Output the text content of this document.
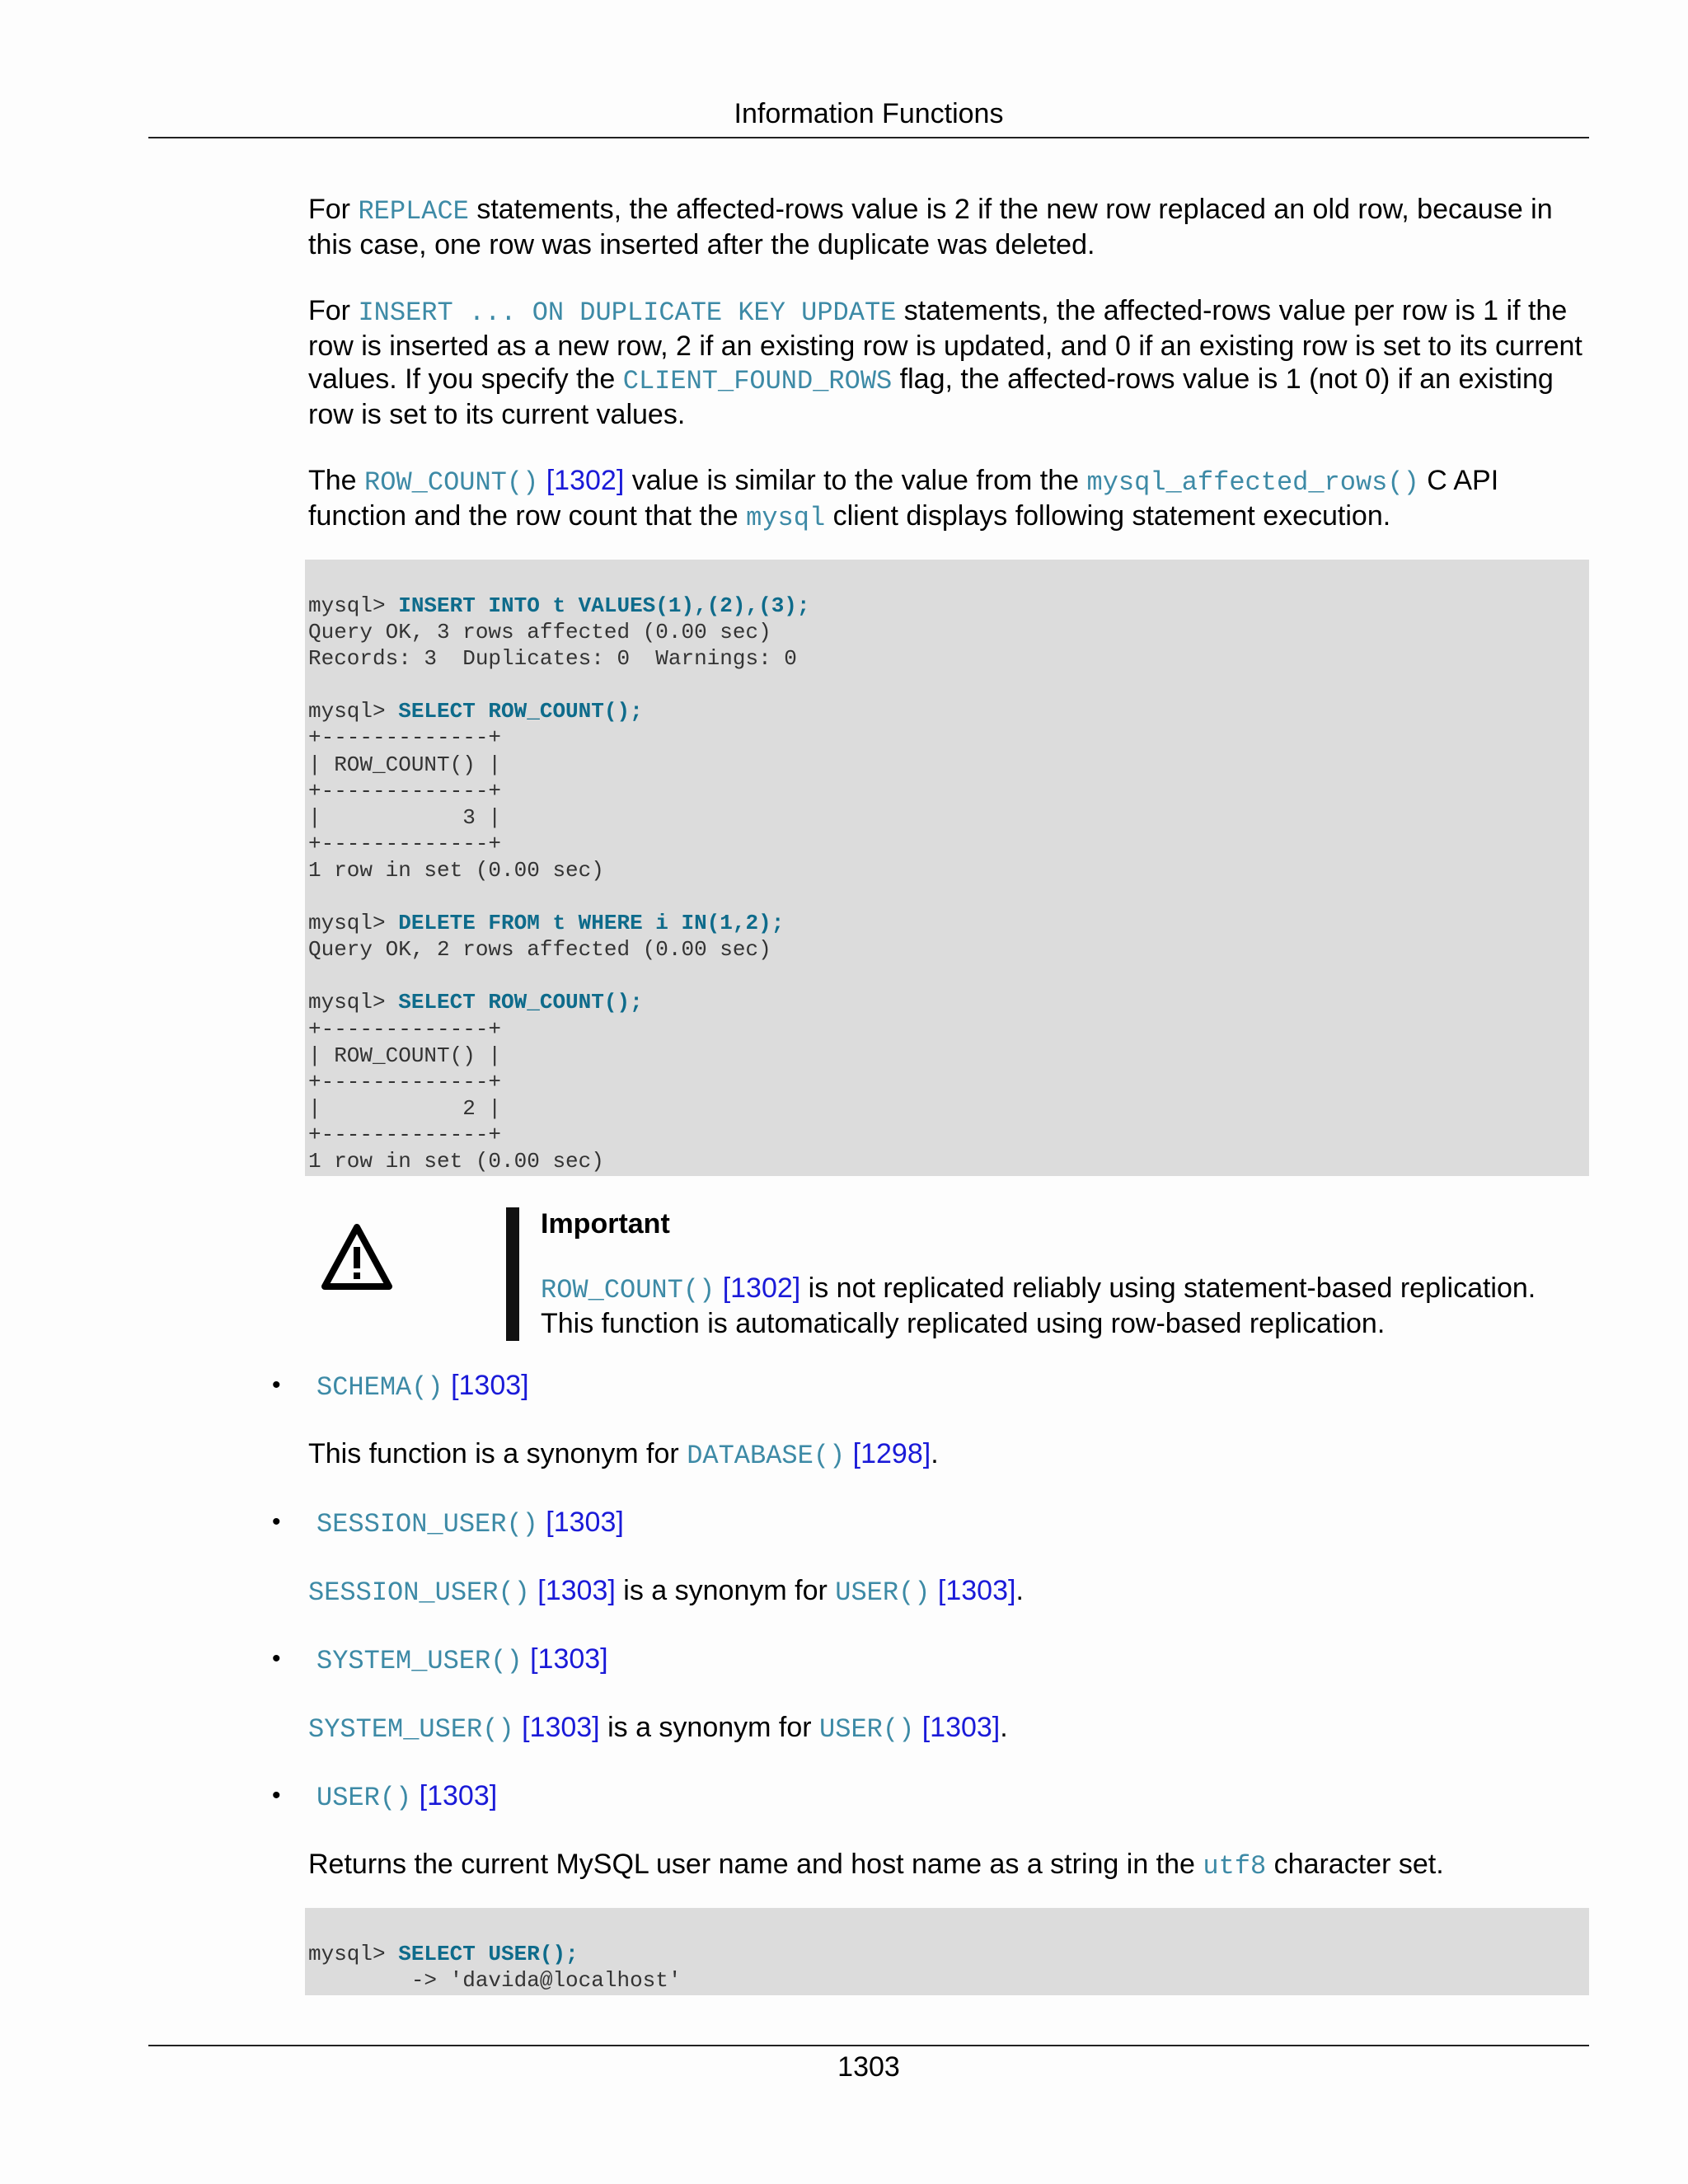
Information Functions

For REPLACE statements, the affected-rows value is 2 if the new row replaced an old row, because in this case, one row was inserted after the duplicate was deleted.

For INSERT ... ON DUPLICATE KEY UPDATE statements, the affected-rows value per row is 1 if the row is inserted as a new row, 2 if an existing row is updated, and 0 if an existing row is set to its current values. If you specify the CLIENT_FOUND_ROWS flag, the affected-rows value is 1 (not 0) if an existing row is set to its current values.

The ROW_COUNT() [1302] value is similar to the value from the mysql_affected_rows() C API function and the row count that the mysql client displays following statement execution.

mysql> INSERT INTO t VALUES(1),(2),(3);
Query OK, 3 rows affected (0.00 sec)
Records: 3  Duplicates: 0  Warnings: 0

mysql> SELECT ROW_COUNT();
+-------------+
| ROW_COUNT() |
+-------------+
|           3 |
+-------------+
1 row in set (0.00 sec)

mysql> DELETE FROM t WHERE i IN(1,2);
Query OK, 2 rows affected (0.00 sec)

mysql> SELECT ROW_COUNT();
+-------------+
| ROW_COUNT() |
+-------------+
|           2 |
+-------------+
1 row in set (0.00 sec)

Important

ROW_COUNT() [1302] is not replicated reliably using statement-based replication. This function is automatically replicated using row-based replication.

• SCHEMA() [1303]

This function is a synonym for DATABASE() [1298].

• SESSION_USER() [1303]

SESSION_USER() [1303] is a synonym for USER() [1303].

• SYSTEM_USER() [1303]

SYSTEM_USER() [1303] is a synonym for USER() [1303].

• USER() [1303]

Returns the current MySQL user name and host name as a string in the utf8 character set.

mysql> SELECT USER();
-> 'davida@localhost'
1303
